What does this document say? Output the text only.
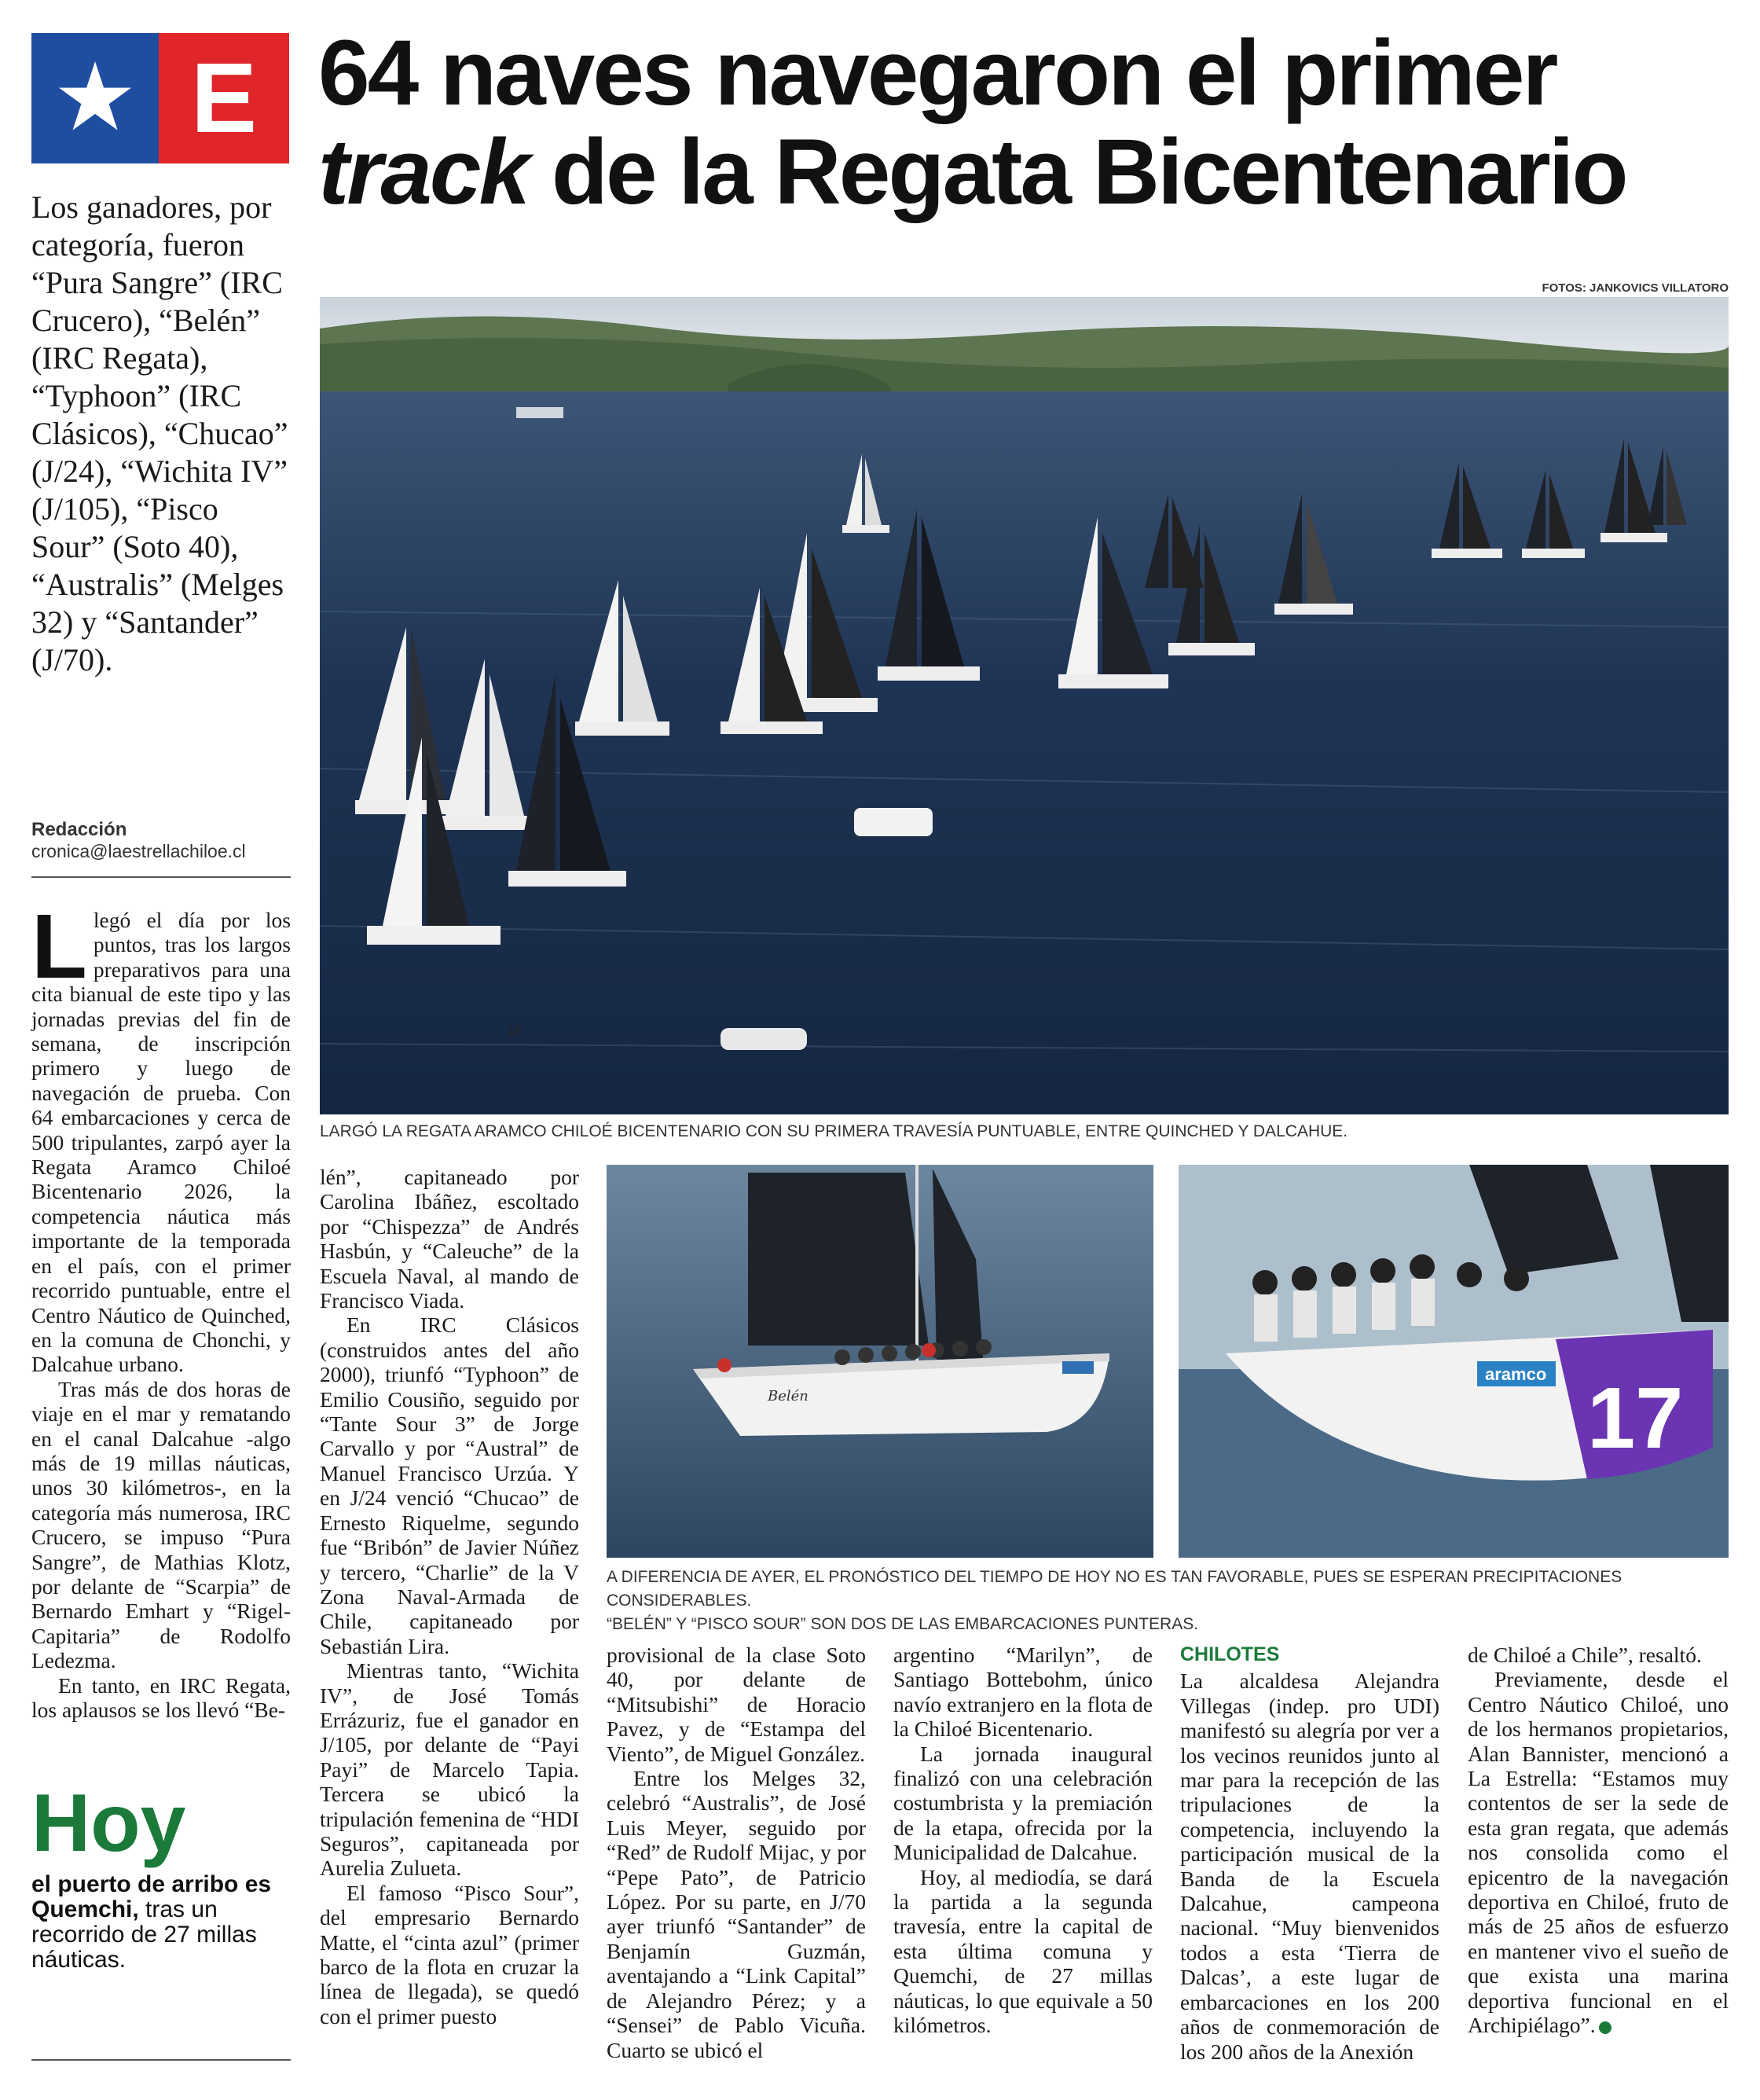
★ E 64 naves navegaron el primer
track de la Regata Bicentenario
Los ganadores, por categoría, fueron “Pura Sangre” (IRC Crucero), “Belén” (IRC Regata), “Typhoon” (IRC Clásicos), “Chucao” (J/24), “Wichita IV” (J/105), “Pisco Sour” (Soto 40), “Australis” (Melges 32) y “Santander” (J/70).
Redacción
cronica@laestrellachiloe.cl
FOTOS: JANKOVICS VILLATORO
16
LARGÓ LA REGATA ARAMCO CHILOÉ BICENTENARIO CON SU PRIMERA TRAVESÍA PUNTUABLE, ENTRE QUINCHED Y DALCAHUE.
Belén	17
aramco
A DIFERENCIA DE AYER, EL PRONÓSTICO DEL TIEMPO DE HOY NO ES TAN FAVORABLE, PUES SE ESPERAN PRECIPITACIONES CONSIDERABLES.
“BELÉN” Y “PISCO SOUR” SON DOS DE LAS EMBARCACIONES PUNTERAS.

Llegó el día por los puntos, tras los largos preparativos para una cita bianual de este tipo y las jornadas previas del fin de semana, de inscripción primero y luego de navegación de prueba. Con 64 embarcaciones y cerca de 500 tripulantes, zarpó ayer la Regata Aramco Chiloé Bicentenario 2026, la competencia náutica más importante de la temporada en el país, con el primer recorrido puntuable, entre el Centro Náutico de Quinched, en la comuna de Chonchi, y Dalcahue urbano.

Tras más de dos horas de viaje en el mar y rematando en el canal Dalcahue -algo más de 19 millas náuticas, unos 30 kilómetros-, en la categoría más numerosa, IRC Crucero, se impuso “Pura Sangre”, de Mathias Klotz, por delante de “Scarpia” de Bernardo Emhart y “Rigel-Capitaria” de Rodolfo Ledezma.

En tanto, en IRC Regata, los aplausos se los llevó “Be-

Hoy
el puerto de arribo es Quemchi, tras un recorrido de 27 millas náuticas.

lén”, capitaneado por Carolina Ibáñez, escoltado por “Chispezza” de Andrés Hasbún, y “Caleuche” de la Escuela Naval, al mando de Francisco Viada.

En IRC Clásicos (construidos antes del año 2000), triunfó “Typhoon” de Emilio Cousiño, seguido por “Tante Sour 3” de Jorge Carvallo y por “Austral” de Manuel Francisco Urzúa. Y en J/24 venció “Chucao” de Ernesto Riquelme, segundo fue “Bribón” de Javier Núñez y tercero, “Charlie” de la V Zona Naval-Armada de Chile, capitaneado por Sebastián Lira.

Mientras tanto, “Wichita IV”, de José Tomás Errázuriz, fue el ganador en J/105, por delante de “Payi Payi” de Marcelo Tapia. Tercera se ubicó la tripulación femenina de “HDI Seguros”, capitaneada por Aurelia Zulueta.

El famoso “Pisco Sour”, del empresario Bernardo Matte, el “cinta azul” (primer barco de la flota en cruzar la línea de llegada), se quedó con el primer puesto

provisional de la clase Soto 40, por delante de “Mitsubishi” de Horacio Pavez, y de “Estampa del Viento”, de Miguel González.

Entre los Melges 32, celebró “Australis”, de José Luis Meyer, seguido por “Red” de Rudolf Mijac, y por “Pepe Pato”, de Patricio López. Por su parte, en J/70 ayer triunfó “Santander” de Benjamín Guzmán, aventajando a “Link Capital” de Alejandro Pérez; y a “Sensei” de Pablo Vicuña. Cuarto se ubicó el

argentino “Marilyn”, de Santiago Bottebohm, único navío extranjero en la flota de la Chiloé Bicentenario.

La jornada inaugural finalizó con una celebración costumbrista y la premiación de la etapa, ofrecida por la Municipalidad de Dalcahue.

Hoy, al mediodía, se dará la partida a la segunda travesía, entre la capital de esta última comuna y Quemchi, de 27 millas náuticas, lo que equivale a 50 kilómetros.

CHILOTES

La alcaldesa Alejandra Villegas (indep. pro UDI) manifestó su alegría por ver a los vecinos reunidos junto al mar para la recepción de las tripulaciones de la competencia, incluyendo la participación musical de la Banda de la Escuela Dalcahue, campeona nacional. “Muy bienvenidos todos a esta ‘Tierra de Dalcas’, a este lugar de embarcaciones en los 200 años de conmemoración de los 200 años de la Anexión

de Chiloé a Chile”, resaltó.

Previamente, desde el Centro Náutico Chiloé, uno de los hermanos propietarios, Alan Bannister, mencionó a La Estrella: “Estamos muy contentos de ser la sede de esta gran regata, que además nos consolida como el epicentro de la navegación deportiva en Chiloé, fruto de más de 25 años de esfuerzo en mantener vivo el sueño de que exista una marina deportiva funcional en el Archipiélago”.
